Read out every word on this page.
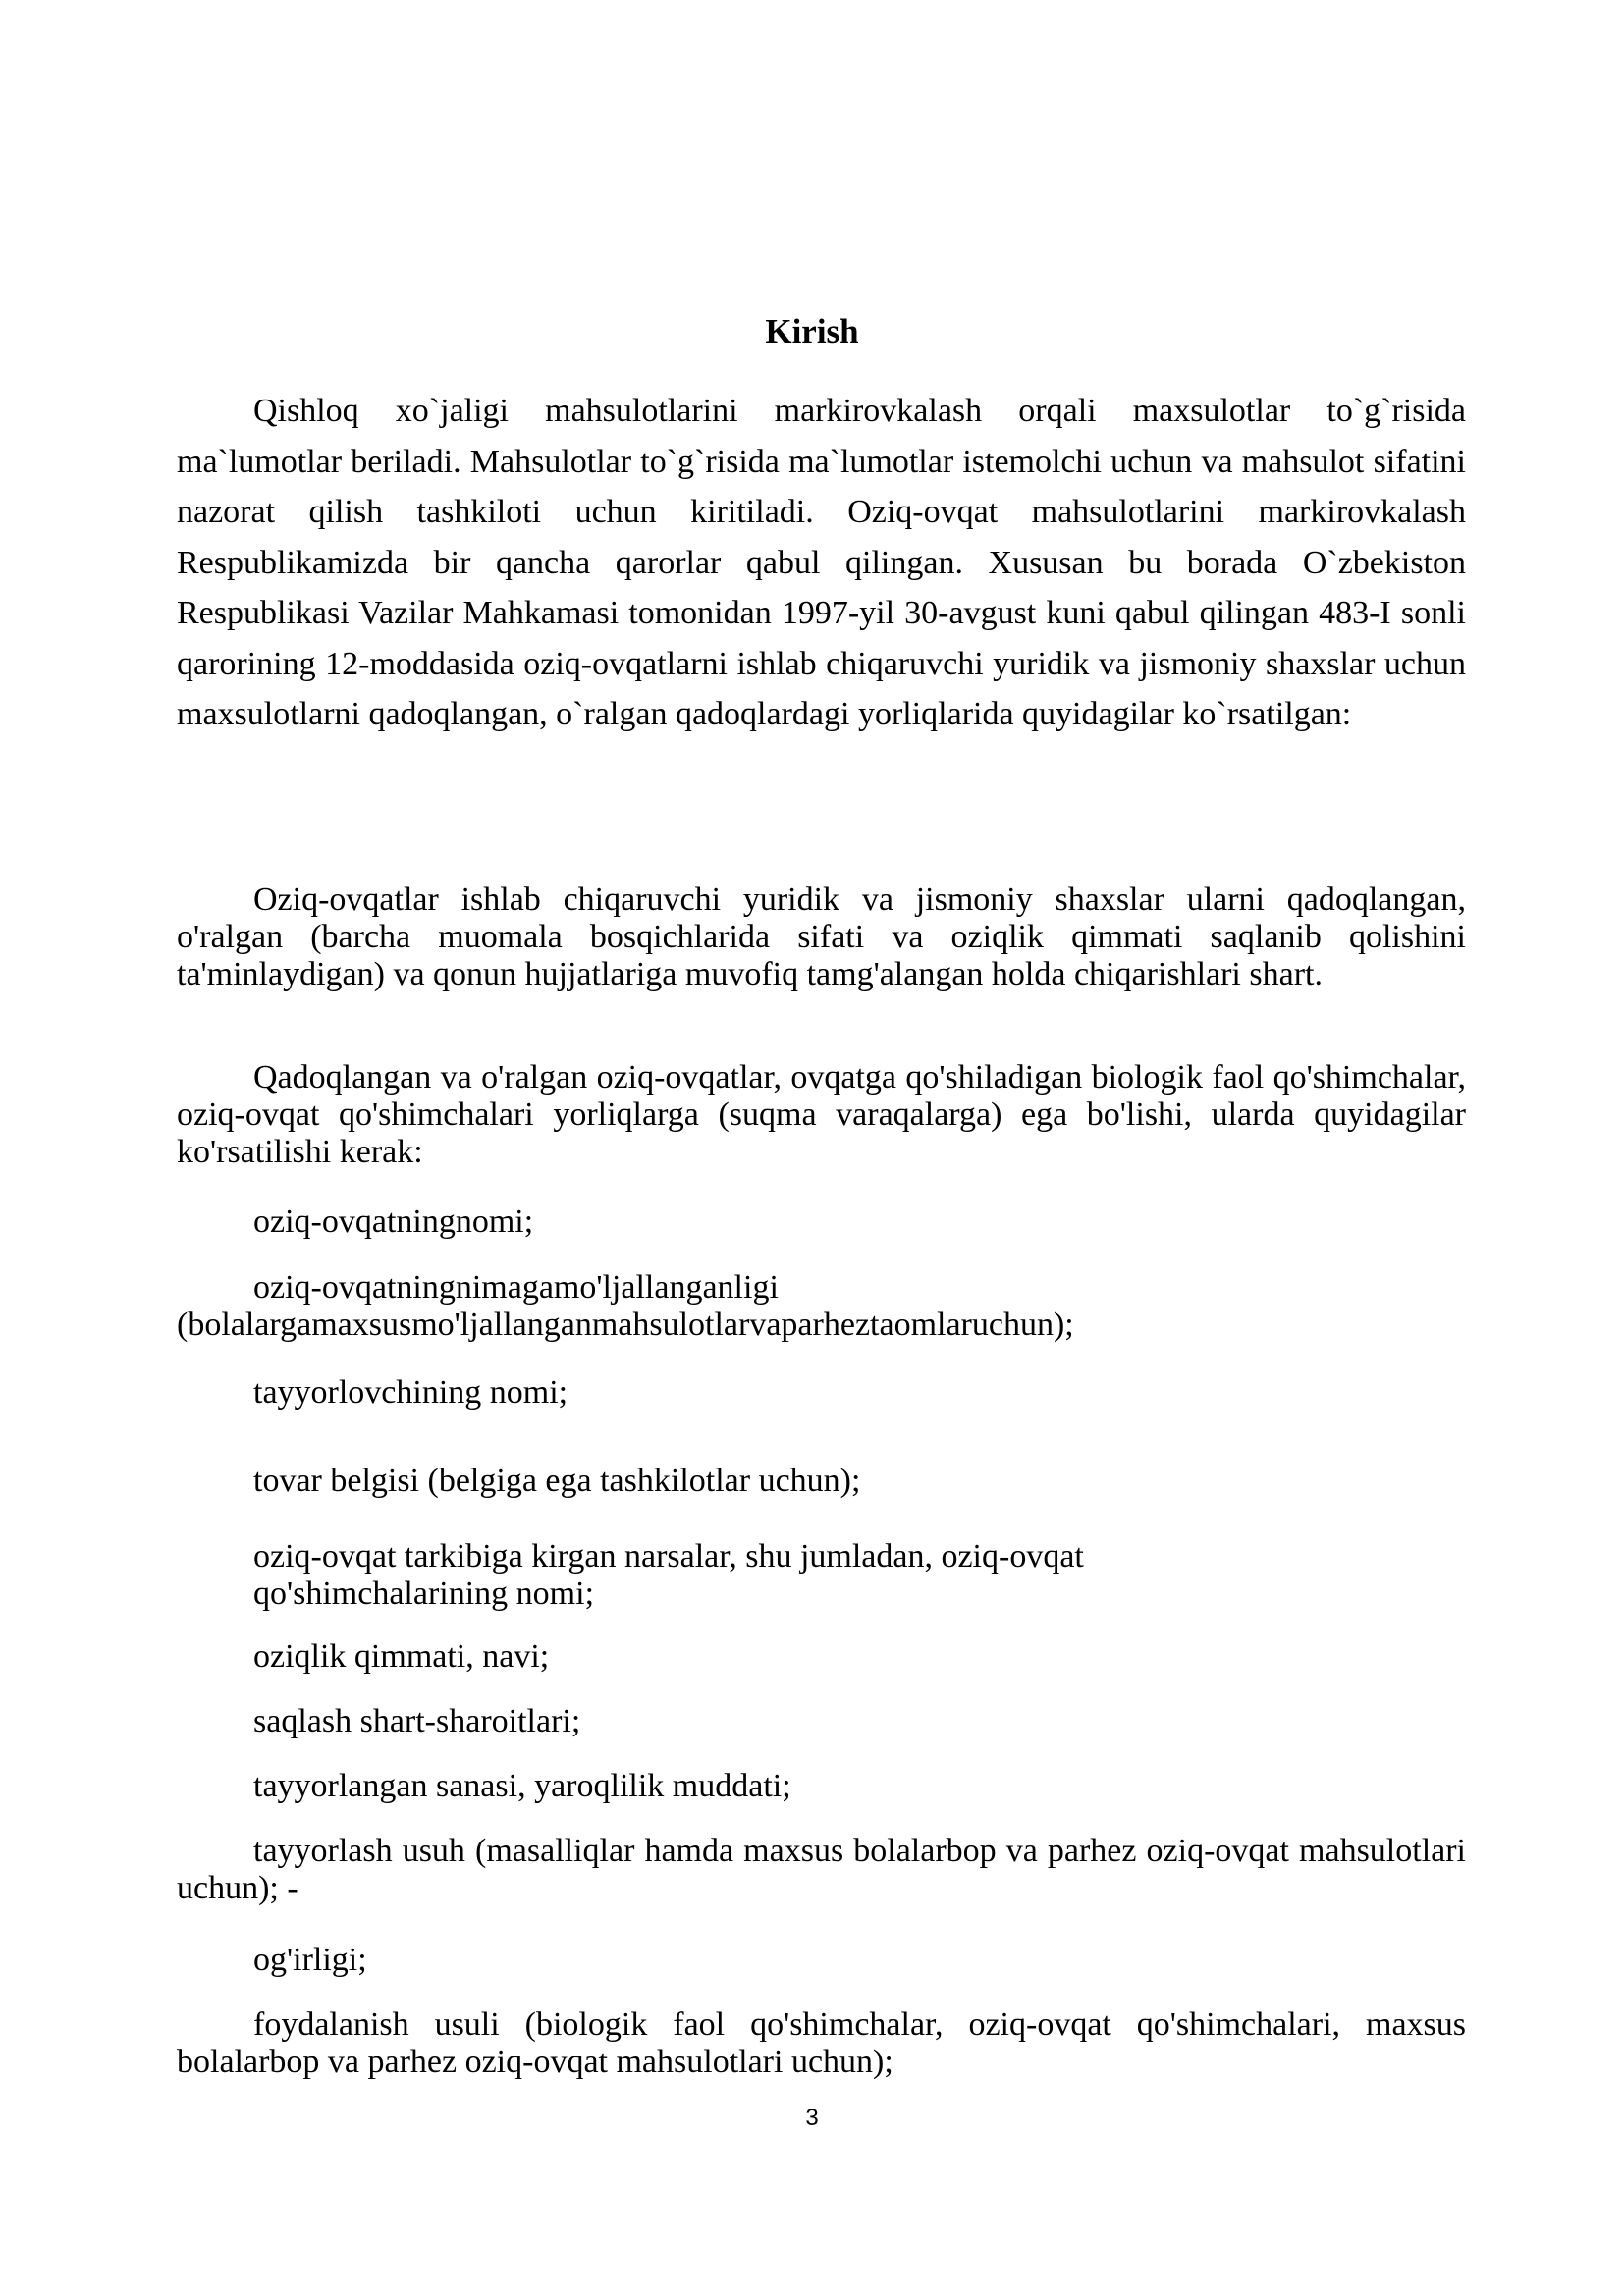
Kirish

Qishloq xo`jaligi mahsulotlarini markirovkalash orqali maxsulotlar to`g`risida ma`lumotlar beriladi. Mahsulotlar to`g`risida ma`lumotlar istemolchi uchun va mahsulot sifatini nazorat qilish tashkiloti uchun kiritiladi. Oziq-ovqat mahsulotlarini markirovkalash Respublikamizda bir qancha qarorlar qabul qilingan. Xususan bu borada O`zbekiston Respublikasi Vazilar Mahkamasi tomonidan 1997-yil 30-avgust kuni qabul qilingan 483-I sonli qarorining 12-moddasida oziq-ovqatlarni ishlab chiqaruvchi yuridik va jismoniy shaxslar uchun maxsulotlarni qadoqlangan, o`ralgan qadoqlardagi yorliqlarida quyidagilar ko`rsatilgan:

Oziq-ovqatlar ishlab chiqaruvchi yuridik va jismoniy shaxslar ularni qadoqlangan, o'ralgan (barcha muomala bosqichlarida sifati va oziqlik qimmati saqlanib qolishini ta'minlaydigan) va qonun hujjatlariga muvofiq tamg'alangan holda chiqarishlari shart.

Qadoqlangan va o'ralgan oziq-ovqatlar, ovqatga qo'shiladigan biologik faol qo'shimchalar, oziq-ovqat qo'shimchalari yorliqlarga (suqma varaqalarga) ega bo'lishi, ularda quyidagilar ko'rsatilishi kerak:

oziq-ovqatningnomi;

oziq-ovqatningnimagamo'ljallanganligi
(bolalargamaxsusmo'ljallanganmahsulotlarvaparheztaomlaruchun);

tayyorlovchining nomi;

tovar belgisi (belgiga ega tashkilotlar uchun);

oziq-ovqat tarkibiga kirgan narsalar, shu jumladan, oziq-ovqat
qo'shimchalarining nomi;

oziqlik qimmati, navi;

saqlash shart-sharoitlari;

tayyorlangan sanasi, yaroqlilik muddati;

tayyorlash usuh (masalliqlar hamda maxsus bolalarbop va parhez oziq-ovqat mahsulotlari uchun); -

og'irligi;

foydalanish usuli (biologik faol qo'shimchalar, oziq-ovqat qo'shimchalari, maxsus bolalarbop va parhez oziq-ovqat mahsulotlari uchun);

3
